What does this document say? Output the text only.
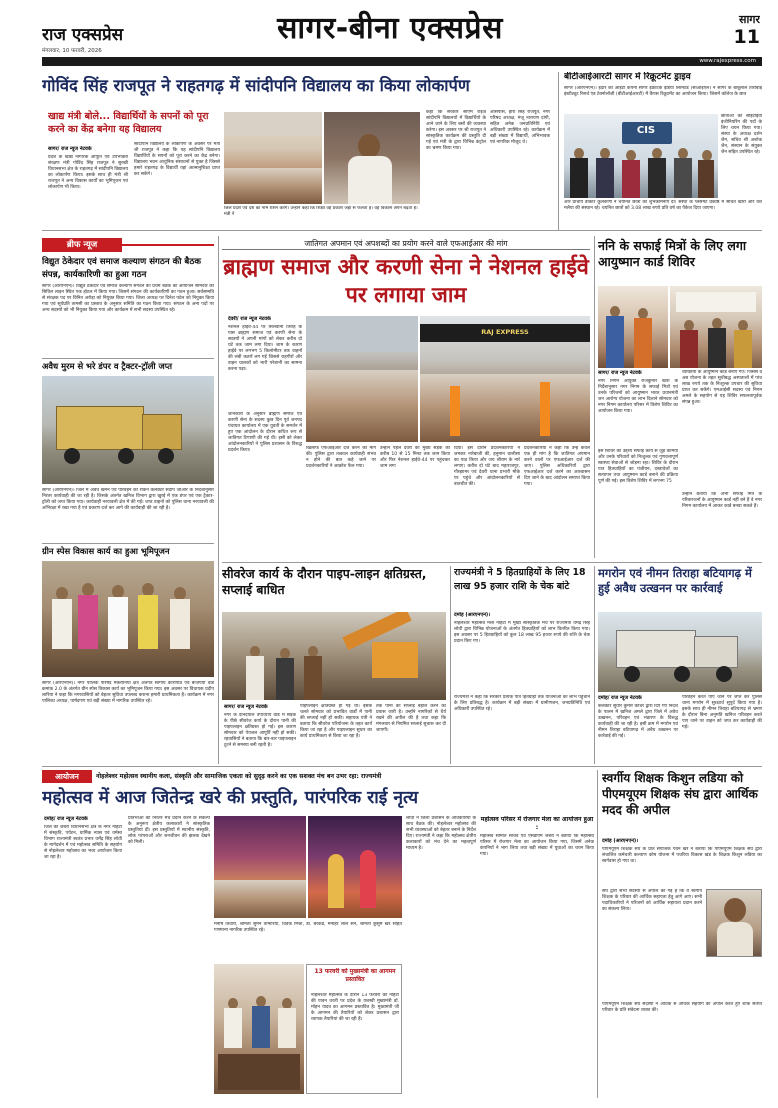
राज एक्सप्रेस
मंगलवार, 10 फरवरी, 2026
सागर-बीना एक्सप्रेस	सागर
11
www.rajexpress.com
गोविंद सिंह राजपूत ने राहतगढ़ में सांदीपनि विद्यालय का किया लोकार्पण
खाद्य मंत्री बोले... विद्यार्थियों के सपनों को पूरा करने का केंद्र बनेगा यह विद्यालय
सागर/ राज न्यूज नेटवर्क
प्रदेश के खाद्य नागरिक आपूर्ति एवं उपभोक्ता संरक्षण मंत्री गोविंद सिंह राजपूत ने सुरखी विधानसभा क्षेत्र के राहतगढ़ में सांदीपनि विद्यालय का लोकार्पण किया। इसके साथ ही मंत्री श्री राजपूत ने अन्य विकास कार्यों का भूमिपूजन एवं लोकार्पण भी किया।
सांदीपनि विद्यालय के लोकार्पण के अवसर पर मंत्री श्री राजपूत ने कहा कि यह सांदीपनि विद्यालय विद्यार्थियों के सपनों को पूरा करने का केंद्र बनेगा। विद्यालय भवन आधुनिक संसाधनों से युक्त है जिससे हमारे राहतगढ़ के विद्यार्थी यहां आत्मानुशिक्षा प्राप्त कर सकेंगे।
जिले प्रदेश एवं देश का नाम रोशन करेंगे। उन्होंने कहा कि शिक्षा वह प्रकाश जहां से फैलता है। वह विकास अपने बढ़ता है। मंत्री ने
कहा कि सरकार सीएम राइज़ सांदीपनि विद्यालयों में विद्यार्थियों के आने जाने के लिए बसों की व्यवस्था करेगा। इस अवसर पर श्री राजपूत ने सांस्कृतिक कार्यक्रम की प्रस्तुति दी गई एवं मंत्री के द्वारा विभिन्न कंट्रोल का भ्रमण किया गया।
आसपास, हीरा सिंह राजपूत, नगर परिषद अध्यक्ष, मंजू नारायण दांगी, सहित अनेक जनप्रतिनिधि एवं अधिकारी उपस्थित रहे। कार्यक्रम में बड़ी संख्या में विद्यार्थी, अभिभावक एवं नागरिक मौजूद थे।
बीटीआईआरटी सागर में रिक्रूटमेंट ड्राइव
सागर (आरएनएन)। इंदौर की आईटी कंपनी सागर इंफ्राटेक इंडिया लिमिटेड (सीआईएल) ने सागर के बाबूलाल ताराबाई इंस्टीट्यूट रिसर्च एंड टेक्नोलॉजी (बीटीआईआरटी) में कैंपस रिक्रूटमेंट का आयोजन किया। जिसमें कॉलेज के छात्र
CIS
छात्राओं को सीईटीईवी इंजीनियरिंग की पदों के लिए चयन किया गया। संस्था के अध्यक्ष दर्शन जैन, सचिव श्री अशोक जैन, संस्थान के संयुक्त जैन सहित उपस्थित रहे।
और प्राचार्य डॉक्टर कुलकर्णी ने चयनित छात्रों को शुभकामनाएँ दी। संस्था के प्लेसमेंट प्रकोष्ठ में संचित खीरी और वंश मलैया की संस्थान रहे। चयनित छात्रों को 3.08 लाख रुपये प्रति वर्ष का पैकेज दिया जाएगा।
ब्रीफ न्यूज
विद्युत ठेकेदार एवं समाज कल्याण संगठन की बैठक संपन्न, कार्यकारिणी का हुआ गठन
सागर (आरएनएन)। विद्युत ठेकेदार एवं समाज कल्याण संगठन की प्रथम बैठक का आयोजन सोमवार को सिविल लाइन स्थित एक होटल में किया गया। जिसमें संगठन की कार्यकारिणी का गठन हुआ। सर्वसम्मति से संरक्षक पद पर विनित अरोड़ा को नियुक्त किया गया। जिला अध्यक्ष पर दिनेश पटेल को नियुक्त किया गया एवं सूर्यप्रति तामसी का प्रस्ताव के अनुसार समिति का गठन किया गया। संगठन के अन्य पदों पर अन्य सदस्यों को भी नियुक्त किया गया और कार्यक्रम में सभी सदस्य उपस्थित रहे।
अवैध मुरम से भरे डंपर व ट्रैक्टर-ट्रॉली जप्त
सागर (आरएनएन)। जिले में अवैध खनन एवं परिवहन को रोकने कलेक्टर संदीप जीआर के निर्देशानुसार निरंतर कार्यवाही की जा रही है। जिसके अंतर्गत खनिज विभाग द्वारा खुरई में एक डंपर एवं एक ट्रैक्टर-ट्रॉली को जप्त किया गया। कार्यवाही नरयावली क्षेत्र में की गई। जप्त वाहनों को पुलिस थाना नरयावली की अभिरक्षा में रखा गया है एवं प्रकरण दर्ज कर आगे की कार्यवाही की जा रही है।
ग्रीन स्पेस विकास कार्य का हुआ भूमिपूजन
सागर (आरएनएन)। नगर पालिक परिषद मकरोनिया क्षेत्र अंतर्गत स्वर्गीय कारीपीठ एवं बाजपेयी वार्ड क्रमांक 2.0 के अंतर्गत ग्रीन स्पेस विकास कार्य का भूमिपूजन किया गया। इस अवसर पर विधायक प्रदीप लारिया ने कहा कि नगरवासियों को बेहतर सुविधा उपलब्ध कराना हमारी प्राथमिकता है। कार्यक्रम में नगर पालिका अध्यक्ष, पार्षदगण एवं बड़ी संख्या में नागरिक उपस्थित रहे।
जातिगत अपमान एवं अपशब्दों का प्रयोग करने वाले एफआईआर की मांग
ब्राह्मण समाज और करणी सेना ने नेशनल हाईवे पर लगाया जाम
देवरी/ राज न्यूज नेटवर्क
नेशनल हाईवे-44 पर सिलवानी तिराहे के पास ब्राह्मण समाज एवं करणी सेना के सदस्यों ने अपनी मांगों को लेकर करीब दो घंटे तक जाम लगा दिया। जाम के कारण हाईवे पर लगभग 5 किलोमीटर तक वाहनों की लंबी कतारें लग गईं जिससे राहगीरों और वाहन चालकों को भारी परेशानी का सामना करना पड़ा।
जानकारी के अनुसार ब्राह्मण समाज एवं करणी सेना के सदस्य कुछ दिन पूर्व जनपद पंचायत कार्यालय में एक युवती के समर्थन में हुए एक आंदोलन के दौरान कथित रूप से जातिगत टिप्पणी की गई थी। इसी को लेकर आंदोलनकारियों ने पुलिस प्रशासन के विरुद्ध प्रदर्शन किया।
RAJ EXPRESS
खिलाफ एफआईआर दर्ज करने की मांग की। पुलिस द्वारा तत्काल कार्यवाही संभव न होने की बात कहे जाने पर प्रदर्शनकारियों ने आक्रोश फैल गया।
उन्होंने पहले देवरी की मुख्य सड़क को करीब 10 से 15 मिनट तक जाम किया और फिर नेशनल हाईवे-44 पर पहुंचकर जाम लगा
दिया। इस दौरान प्रदर्शनकारियों ने जमकर नारेबाजी की, हनुमान चालीसा का पाठ किया और जय श्रीराम के नारे लगाए। करीब दो घंटे बाद महाराजपुर, गौरझामर एवं देवरी थाना प्रभारी मौके पर पहुंचे और आंदोलनकारियों से बातचीत की।
प्रदर्शनकारियों ने कहा कि उन्हें केवल एक ही मांग है कि जातिगत अपमान करने वालों पर एफआईआर दर्ज की जाए। पुलिस अधिकारियों द्वारा एफआईआर दर्ज करने का आश्वासन दिए जाने के बाद आंदोलन समाप्त किया गया।
ननि के सफाई मित्रों के लिए लगा आयुष्मान कार्ड शिविर
सागर/ राज न्यूज नेटवर्क
नगर निगम आयुक्त राजकुमार खत्री के निर्देशानुसार नगर निगम के सफाई मित्रों एवं उनके परिजनों को आयुष्मान भारत प्रधानमंत्री जन आरोग्य योजना का लाभ दिलाने सोमवार को नगर निगम कार्यालय परिसर में विशेष शिविर का आयोजन किया गया।
इस शिविर का उद्देश्य सफाई कार्य से जुड़े कर्मियों और उनके परिवारों को निःशुल्क एवं गुणवत्तापूर्ण स्वास्थ्य सेवाओं से जोड़ना रहा। शिविर के दौरान पात्र हितग्राहियों का पंजीयन, दस्तावेजों का सत्यापन तथा आयुष्मान कार्ड बनाने की प्रक्रिया पूर्ण की गई। इस विशेष शिविर में लगभग 75
व्यक्तियों के आयुष्मान कार्ड बनाए गए। जिससे वे अब योजना के तहत सूचीबद्ध अस्पतालों में पांच लाख रुपये तक के निःशुल्क उपचार की सुविधा प्राप्त कर सकेंगे। एमआईसी सदस्य एवं निगम अमले के सहयोग से यह शिविर सफलतापूर्वक संपन्न हुआ।
उन्होंने बताया कि अभी सफाई मित्र के परिवारजनों के आयुष्मान कार्ड नहीं बने हैं वे नगर निगम कार्यालय में आकर कार्ड बनवा सकते हैं।
सीवरेज कार्य के दौरान पाइप-लाइन क्षतिग्रस्त, सप्लाई बाधित
सागर/ राज न्यूज नेटवर्क
नगर के दीनदयाल उपाध्याय वार्ड में सड़क के पीछे सीवरेज कार्य के दौरान पानी की पाइपलाइन क्षतिग्रस्त हो गई। इस कारण सोमवार को पेयजल आपूर्ति नहीं हो सकी। रहवासियों ने बताया कि बार-बार पाइपलाइन टूटने से समस्या बनी रहती है।
पाइपलाइन क्षतिग्रस्त हो गई थी। इसके चलते सोमवार को प्रभावित वार्डों में पानी की सप्लाई नहीं हो सकी। सहायक यंत्री ने बताया कि सीवरेज परियोजना के तहत कार्य किया जा रहा है और पाइपलाइन सुधार का कार्य प्राथमिकता से किया जा रहा है।
तक पानी की सप्लाई बहाल करने का प्रयास जारी है। उन्होंने नागरिकों से धैर्य रखने की अपील की है तथा कहा कि मंगलवार से नियमित सप्लाई सुचारू कर दी जाएगी।
राज्यमंत्री ने 5 हितग्राहियों के लिए 18 लाख 95 हजार राशि के चेक बांटे
दमोह (आरएनएन)।
नोहलेश्वर महोत्सव मेला नोहटा में मुख्य सांस्कृतिक मंच पर राज्यमंत्री धर्मेंद्र सिंह लोधी द्वारा विभिन्न योजनाओं के अंतर्गत हितग्राहियों को लाभ वितरित किया गया। इस अवसर पर 5 हितग्राहियों को कुल 18 लाख 95 हजार रुपये की राशि के चेक प्रदान किए गए।
राज्यमंत्री ने कहा कि सरकार प्रत्येक पात्र हितग्राही तक योजनाओं का लाभ पहुंचाने के लिए प्रतिबद्ध है। कार्यक्रम में बड़ी संख्या में ग्रामीणजन, जनप्रतिनिधि एवं अधिकारी उपस्थित रहे।
मगरोन एवं नीमन तिराहा बटियागढ़ में हुई अवैध उत्खनन पर कार्रवाई
दमोह/ राज न्यूज नेटवर्क
कलेक्टर सुधीर कुमार कोचर द्वारा दिए गए निर्देश के पालन में खनिज अमले द्वारा जिले में अवैध उत्खनन, परिवहन एवं भंडारण के विरुद्ध कार्यवाही की जा रही है। इसी क्रम में मगरोन एवं नीमन तिराहा बटियागढ़ में अवैध उत्खनन पर कार्रवाई की गई।
परिवहन करते पाए जाने पर जप्त कर पुलिस थाना मगरोन में सुरक्षार्थ सुपुर्द किया गया है। इसके साथ ही नीमन तिराहा बटियागढ़ से भ्रमण के दौरान बिना अनुमति खनिज परिवहन करते पाए जाने पर वाहन को जप्त कर कार्यवाही की गई।
आयोजन	नोहलेश्वर महोत्सव स्थानीय कला, संस्कृति और सामाजिक एकता को सुदृढ़ करने का एक सशक्त मंच बन उभर रहा: राज्यमंत्री
महोत्सव में आज जितेन्द्र खरे की प्रस्तुति, पारंपरिक राई नृत्य
दमोह/ राज न्यूज नेटवर्क
जिले की जबेरा विधानसभा क्षेत्र के नगर नोहटा में संस्कृति, पर्यटन, धार्मिक न्यास एवं धर्मस्व विभाग राज्यमंत्री स्वतंत्र प्रभार धर्मेंद्र सिंह लोधी के मार्गदर्शन में एवं महोत्सव समिति के सहयोग से नोहलेश्वर महोत्सव का भव्य आयोजन किया जा रहा है।
प्रतिभाओं को निरंतर मंच प्रदान करने के संकल्प के अनुरूप क्षेत्रीय कलाकारों ने सांस्कृतिक प्रस्तुतियां दीं। इस प्रस्तुतियों में स्थानीय संस्कृति, लोक परंपराओं और जनजीवन की झलक देखने को मिली।
मनीष तिवारी, श्रीमती सुमन तामोरिया, विवेक मिश्रा, डॉ. बरकंडे, मनोहर लाल सेन, श्रीमती कुसुम खरे सहित गणमान्य नागरिक उपस्थित रहे।
13 फरवरी को मुख्यमंत्री का आगमन प्रस्तावित
नोहलेश्वर महोत्सव के दौरान 13 फरवरी को नोहटा की पावन धरती पर प्रदेश के यशस्वी मुख्यमंत्री डॉ. मोहन यादव का आगमन प्रस्तावित है। मुख्यमंत्री जी के आगमन की तैयारियों को लेकर प्रशासन द्वारा व्यापक तैयारियां की जा रही हैं।
लोधी ने जिला प्रशासन के अधिकारियों के साथ बैठक की। नोहलेश्वर महोत्सव की सभी व्यवस्थाओं को बेहतर बनाने के निर्देश दिए। राज्यमंत्री ने कहा कि महोत्सव क्षेत्रीय कलाकारों को मंच देने का महत्वपूर्ण माध्यम है।
महोत्सव परिसर में रोजगार मेला का आयोजन हुआ :
महोत्सव समिति सचिव एवं एसडीएम जबेरा ने बताया कि महोत्सव परिसर में रोजगार मेला का आयोजन किया गया, जिसमें अनेक कंपनियों ने भाग लिया तथा बड़ी संख्या में युवाओं का चयन किया गया।
स्वर्गीय शिक्षक किशुन लडिया को पीएमयूएम शिक्षक संघ द्वारा आर्थिक मदद की अपील
दमोह (आरएनएन)।
पीएमयूएम शिक्षक संघ के प्रांत संयोजक पवन खरे ने बताया कि पीएमयूएम शिक्षक संघ द्वारा संचालित कर्मचारी कल्याण कोष योजना में पथरिया विकास खंड के शिक्षक किशुन लडिया का स्वर्गवास हो गया था।
संघ द्वारा सभी सदस्यों से अपील की गई है कि वे स्वर्गीय शिक्षक के परिवार की आर्थिक सहायता हेतु आगे आएं। सभी पदाधिकारियों ने परिजनों को आर्थिक सहायता प्रदान करने का संकल्प लिया।
पीएमयूएम शिक्षक संघ सदस्यों ने अधिक से अधिक सहयोग की अपील करते हुए शोक संतप्त परिवार के प्रति संवेदना व्यक्त की।
